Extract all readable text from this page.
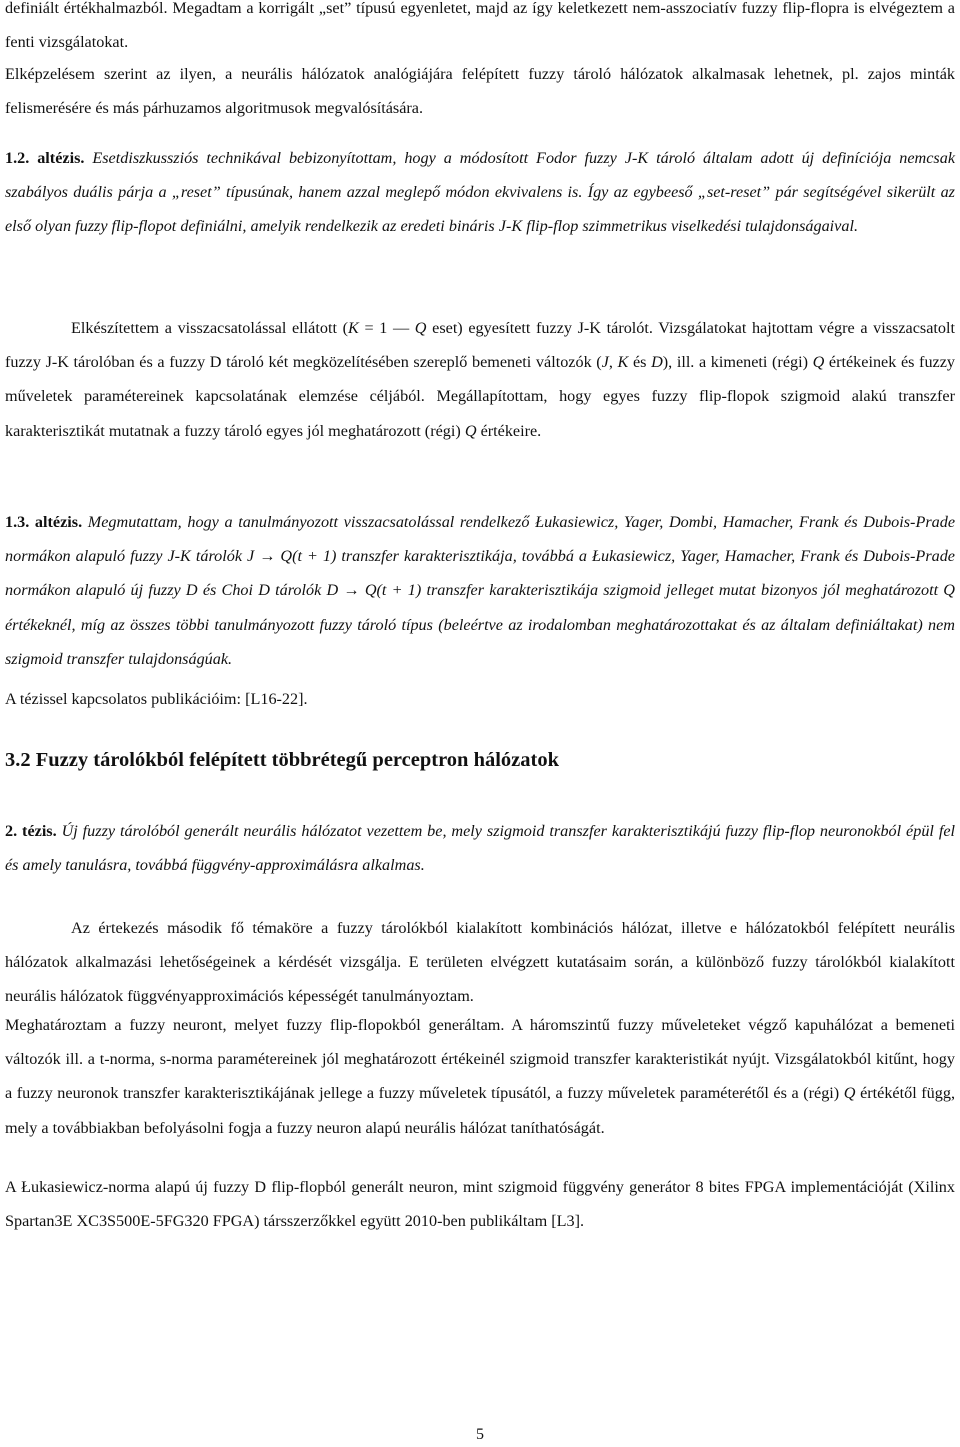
definiált értékhalmazból. Megadtam a korrigált „set” típusú egyenletet, majd az így keletkezett nem-asszociatív fuzzy flip-flopra is elvégeztem a fenti vizsgálatokat.

Elképzelésem szerint az ilyen, a neurális hálózatok analógiájára felépített fuzzy tároló hálózatok alkalmasak lehetnek, pl. zajos minták felismerésére és más párhuzamos algoritmusok megvalósítására.

1.2. altézis. Esetdiszkussziós technikával bebizonyítottam, hogy a módosított Fodor fuzzy J-K tároló általam adott új definíciója nemcsak szabályos duális párja a „reset” típusúnak, hanem azzal meglepő módon ekvivalens is. Így az egybeeső „set-reset” pár segítségével sikerült az első olyan fuzzy flip-flopot definiálni, amelyik rendelkezik az eredeti bináris J-K flip-flop szimmetrikus viselkedési tulajdonságaival.

Elkészítettem a visszacsatolással ellátott (K = 1 — Q eset) egyesített fuzzy J-K tárolót. Vizsgálatokat hajtottam végre a visszacsatolt fuzzy J-K tárolóban és a fuzzy D tároló két megközelítésében szereplő bemeneti változók (J, K és D), ill. a kimeneti (régi) Q értékeinek és fuzzy műveletek paramétereinek kapcsolatának elemzése céljából. Megállapítottam, hogy egyes fuzzy flip-flopok szigmoid alakú transzfer karakterisztikát mutatnak a fuzzy tároló egyes jól meghatározott (régi) Q értékeire.

1.3. altézis. Megmutattam, hogy a tanulmányozott visszacsatolással rendelkező Łukasiewicz, Yager, Dombi, Hamacher, Frank és Dubois-Prade normákon alapuló fuzzy J-K tárolók J → Q(t + 1) transzfer karakterisztikája, továbbá a Łukasiewicz, Yager, Hamacher, Frank és Dubois-Prade normákon alapuló új fuzzy D és Choi D tárolók D → Q(t + 1) transzfer karakterisztikája szigmoid jelleget mutat bizonyos jól meghatározott Q értékeknél, míg az összes többi tanulmányozott fuzzy tároló típus (beleértve az irodalomban meghatározottakat és az általam definiáltakat) nem szigmoid transzfer tulajdonságúak.

A tézissel kapcsolatos publikációim: [L16-22].

3.2 Fuzzy tárolókból felépített többrétegű perceptron hálózatok

2. tézis. Új fuzzy tárolóból generált neurális hálózatot vezettem be, mely szigmoid transzfer karakterisztikájú fuzzy flip-flop neuronokból épül fel és amely tanulásra, továbbá függvény-approximálásra alkalmas.

Az értekezés második fő témaköre a fuzzy tárolókból kialakított kombinációs hálózat, illetve e hálózatokból felépített neurális hálózatok alkalmazási lehetőségeinek a kérdését vizsgálja. E területen elvégzett kutatásaim során, a különböző fuzzy tárolókból kialakított neurális hálózatok függvényapproximációs képességét tanulmányoztam.

Meghatároztam a fuzzy neuront, melyet fuzzy flip-flopokból generáltam. A háromszintű fuzzy műveleteket végző kapuhálózat a bemeneti változók ill. a t-norma, s-norma paramétereinek jól meghatározott értékeinél szigmoid transzfer karakteristikát nyújt. Vizsgálatokból kitűnt, hogy a fuzzy neuronok transzfer karakterisztikájának jellege a fuzzy műveletek típusától, a fuzzy műveletek paraméterétől és a (régi) Q értékétől függ, mely a továbbiakban befolyásolni fogja a fuzzy neuron alapú neurális hálózat taníthatóságát.

A Łukasiewicz-norma alapú új fuzzy D flip-flopból generált neuron, mint szigmoid függvény generátor 8 bites FPGA implementációját (Xilinx Spartan3E XC3S500E-5FG320 FPGA) társszerzőkkel együtt 2010-ben publikáltam [L3].

5
